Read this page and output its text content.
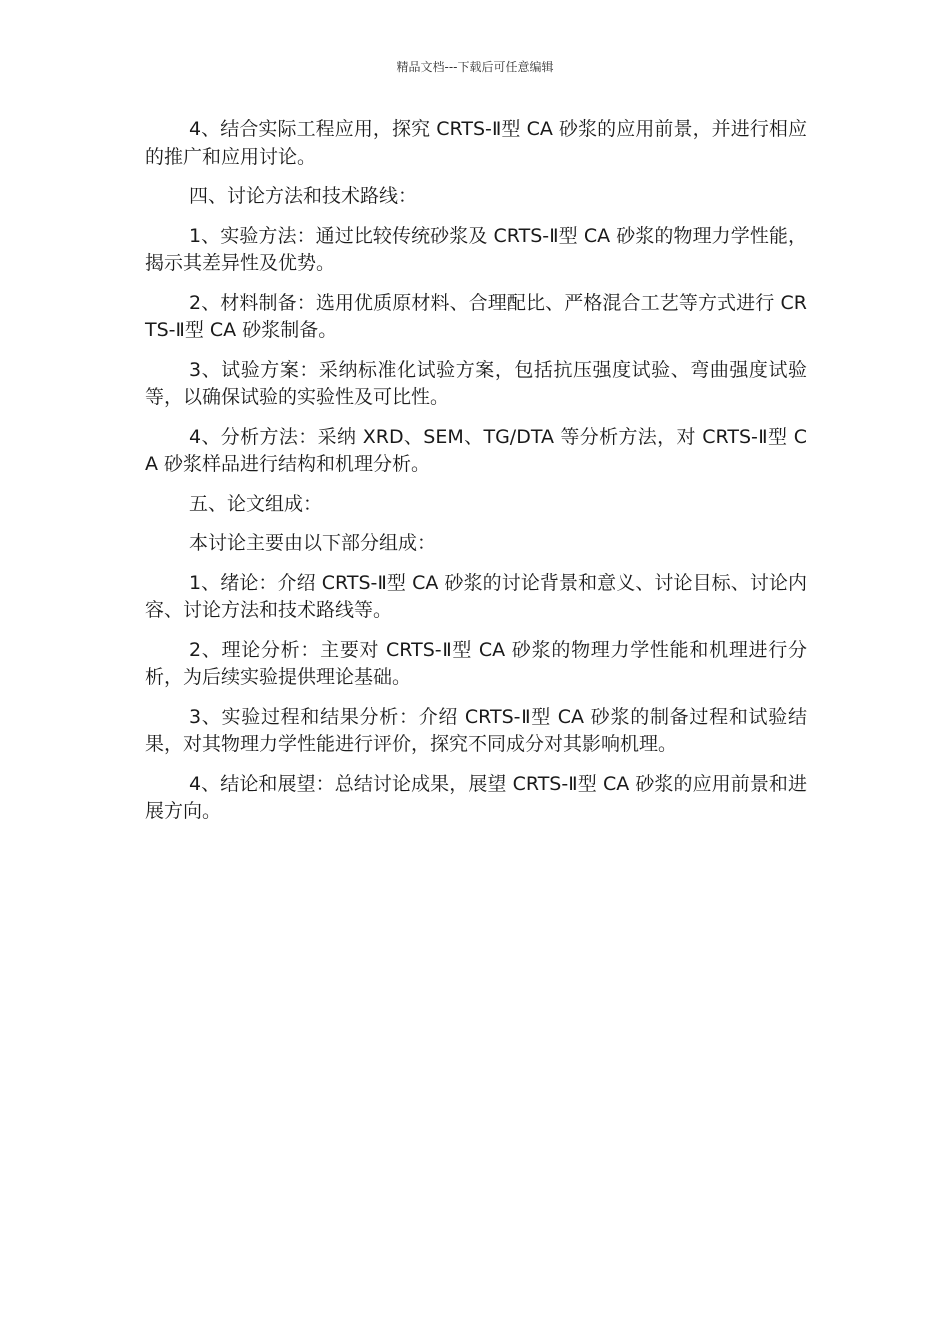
精品文档---下载后可任意编辑

4、结合实际工程应用，探究 CRTS-Ⅱ型 CA 砂浆的应用前景，并进行相应的推广和应用讨论。

四、讨论方法和技术路线：

1、实验方法：通过比较传统砂浆及 CRTS-Ⅱ型 CA 砂浆的物理力学性能，揭示其差异性及优势。

2、材料制备：选用优质原材料、合理配比、严格混合工艺等方式进行 CRTS-Ⅱ型 CA 砂浆制备。

3、试验方案：采纳标准化试验方案，包括抗压强度试验、弯曲强度试验等，以确保试验的实验性及可比性。

4、分析方法：采纳 XRD、SEM、TG/DTA 等分析方法，对 CRTS-Ⅱ型 CA 砂浆样品进行结构和机理分析。

五、论文组成：

本讨论主要由以下部分组成：

1、绪论：介绍 CRTS-Ⅱ型 CA 砂浆的讨论背景和意义、讨论目标、讨论内容、讨论方法和技术路线等。

2、理论分析：主要对 CRTS-Ⅱ型 CA 砂浆的物理力学性能和机理进行分析，为后续实验提供理论基础。

3、实验过程和结果分析：介绍 CRTS-Ⅱ型 CA 砂浆的制备过程和试验结果，对其物理力学性能进行评价，探究不同成分对其影响机理。

4、结论和展望：总结讨论成果，展望 CRTS-Ⅱ型 CA 砂浆的应用前景和进展方向。
